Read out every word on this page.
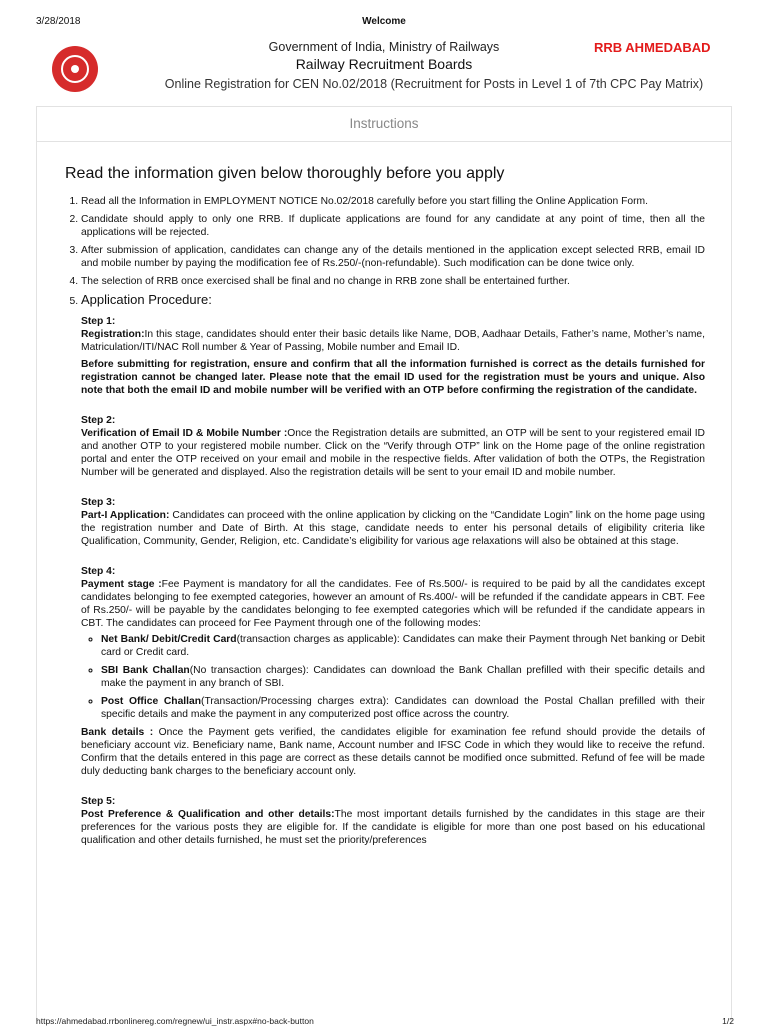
3/28/2018	Welcome
Government of India, Ministry of Railways
Railway Recruitment Boards
RRB AHMEDABAD
Online Registration for CEN No.02/2018 (Recruitment for Posts in Level 1 of 7th CPC Pay Matrix)
Instructions
Read the information given below thoroughly before you apply
1. Read all the Information in EMPLOYMENT NOTICE No.02/2018 carefully before you start filling the Online Application Form.
2. Candidate should apply to only one RRB. If duplicate applications are found for any candidate at any point of time, then all the applications will be rejected.
3. After submission of application, candidates can change any of the details mentioned in the application except selected RRB, email ID and mobile number by paying the modification fee of Rs.250/-(non-refundable). Such modification can be done twice only.
4. The selection of RRB once exercised shall be final and no change in RRB zone shall be entertained further.
5. Application Procedure:
Step 1:

Registration:In this stage, candidates should enter their basic details like Name, DOB, Aadhaar Details, Father’s name, Mother’s name, Matriculation/ITI/NAC Roll number & Year of Passing, Mobile number and Email ID.

Before submitting for registration, ensure and confirm that all the information furnished is correct as the details furnished for registration cannot be changed later. Please note that the email ID used for the registration must be yours and unique. Also note that both the email ID and mobile number will be verified with an OTP before confirming the registration of the candidate.

Step 2:

Verification of Email ID & Mobile Number :Once the Registration details are submitted, an OTP will be sent to your registered email ID and another OTP to your registered mobile number. Click on the “Verify through OTP” link on the Home page of the online registration portal and enter the OTP received on your email and mobile in the respective fields. After validation of both the OTPs, the Registration Number will be generated and displayed. Also the registration details will be sent to your email ID and mobile number.

Step 3:

Part-I Application: Candidates can proceed with the online application by clicking on the “Candidate Login” link on the home page using the registration number and Date of Birth. At this stage, candidate needs to enter his personal details of eligibility criteria like Qualification, Community, Gender, Religion, etc. Candidate’s eligibility for various age relaxations will also be obtained at this stage.

Step 4:

Payment stage :Fee Payment is mandatory for all the candidates. Fee of Rs.500/- is required to be paid by all the candidates except candidates belonging to fee exempted categories, however an amount of Rs.400/- will be refunded if the candidate appears in CBT. Fee of Rs.250/- will be payable by the candidates belonging to fee exempted categories which will be refunded if the candidate appears in CBT. The candidates can proceed for Fee Payment through one of the following modes:

◦ Net Bank/ Debit/Credit Card(transaction charges as applicable): Candidates can make their Payment through Net banking or Debit card or Credit card.
◦ SBI Bank Challan(No transaction charges): Candidates can download the Bank Challan prefilled with their specific details and make the payment in any branch of SBI.
◦ Post Office Challan(Transaction/Processing charges extra): Candidates can download the Postal Challan prefilled with their specific details and make the payment in any computerized post office across the country.

Bank details : Once the Payment gets verified, the candidates eligible for examination fee refund should provide the details of beneficiary account viz. Beneficiary name, Bank name, Account number and IFSC Code in which they would like to receive the refund. Confirm that the details entered in this page are correct as these details cannot be modified once submitted. Refund of fee will be made duly deducting bank charges to the beneficiary account only.

Step 5:

Post Preference & Qualification and other details:The most important details furnished by the candidates in this stage are their preferences for the various posts they are eligible for. If the candidate is eligible for more than one post based on his educational qualification and other details furnished, he must set the priority/preferences

https://ahmedabad.rrbonlinereg.com/regnew/ui_instr.aspx#no-back-button	1/2
